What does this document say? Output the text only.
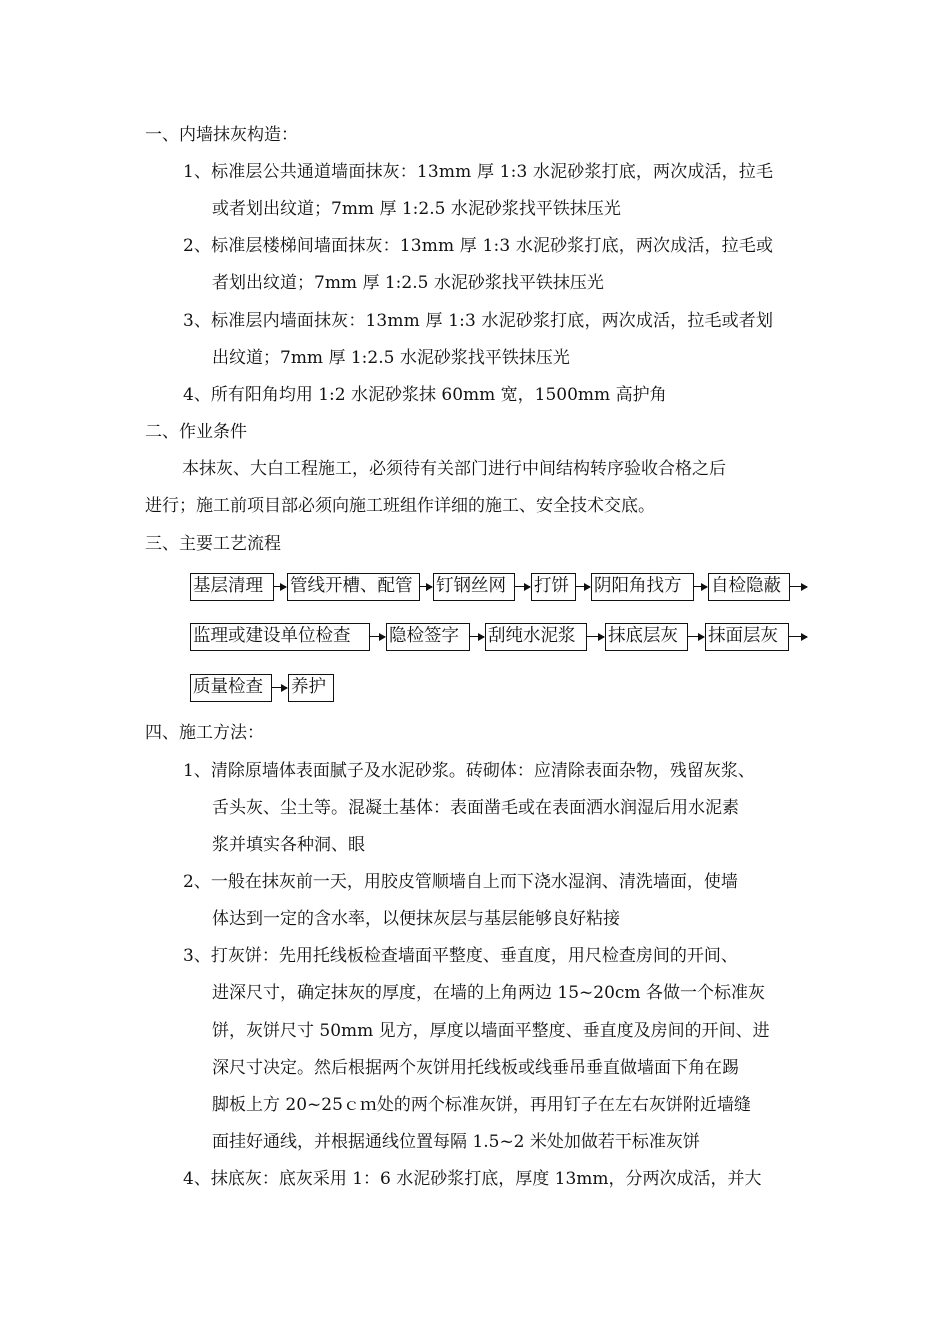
一、内墙抹灰构造：
1、标准层公共通道墙面抹灰：13mm 厚 1:3 水泥砂浆打底，两次成活，拉毛
或者划出纹道；7mm 厚 1:2.5 水泥砂浆找平铁抹压光
2、标准层楼梯间墙面抹灰：13mm 厚 1:3 水泥砂浆打底，两次成活，拉毛或
者划出纹道；7mm 厚 1:2.5 水泥砂浆找平铁抹压光
3、标准层内墙面抹灰：13mm 厚 1:3 水泥砂浆打底，两次成活，拉毛或者划
出纹道；7mm 厚 1:2.5 水泥砂浆找平铁抹压光
4、所有阳角均用 1:2 水泥砂浆抹 60mm 宽，1500mm 高护角
二、作业条件
本抹灰、大白工程施工，必须待有关部门进行中间结构转序验收合格之后
进行；施工前项目部必须向施工班组作详细的施工、安全技术交底。
三、主要工艺流程
基层清理	管线开槽、配管	钉钢丝网	打饼	阴阳角找方	自检隐蔽
监理或建设单位检查	隐检签字	刮纯水泥浆	抹底层灰	抹面层灰
质量检查	养护
四、施工方法：
1、清除原墙体表面腻子及水泥砂浆。砖砌体：应清除表面杂物，残留灰浆、
舌头灰、尘土等。混凝土基体：表面凿毛或在表面洒水润湿后用水泥素
浆并填实各种洞、眼
2、一般在抹灰前一天，用胶皮管顺墙自上而下浇水湿润、清洗墙面，使墙
体达到一定的含水率，以便抹灰层与基层能够良好粘接
3、打灰饼：先用托线板检查墙面平整度、垂直度，用尺检查房间的开间、
进深尺寸，确定抹灰的厚度，在墙的上角两边 15~20cm 各做一个标准灰
饼，灰饼尺寸 50mm 见方，厚度以墙面平整度、垂直度及房间的开间、进
深尺寸决定。然后根据两个灰饼用托线板或线垂吊垂直做墙面下角在踢
脚板上方 20~25ｃｍ处的两个标准灰饼，再用钉子在左右灰饼附近墙缝
面挂好通线，并根据通线位置每隔 1.5~2 米处加做若干标准灰饼
4、抹底灰：底灰采用 1：6 水泥砂浆打底，厚度 13mm，分两次成活，并大
